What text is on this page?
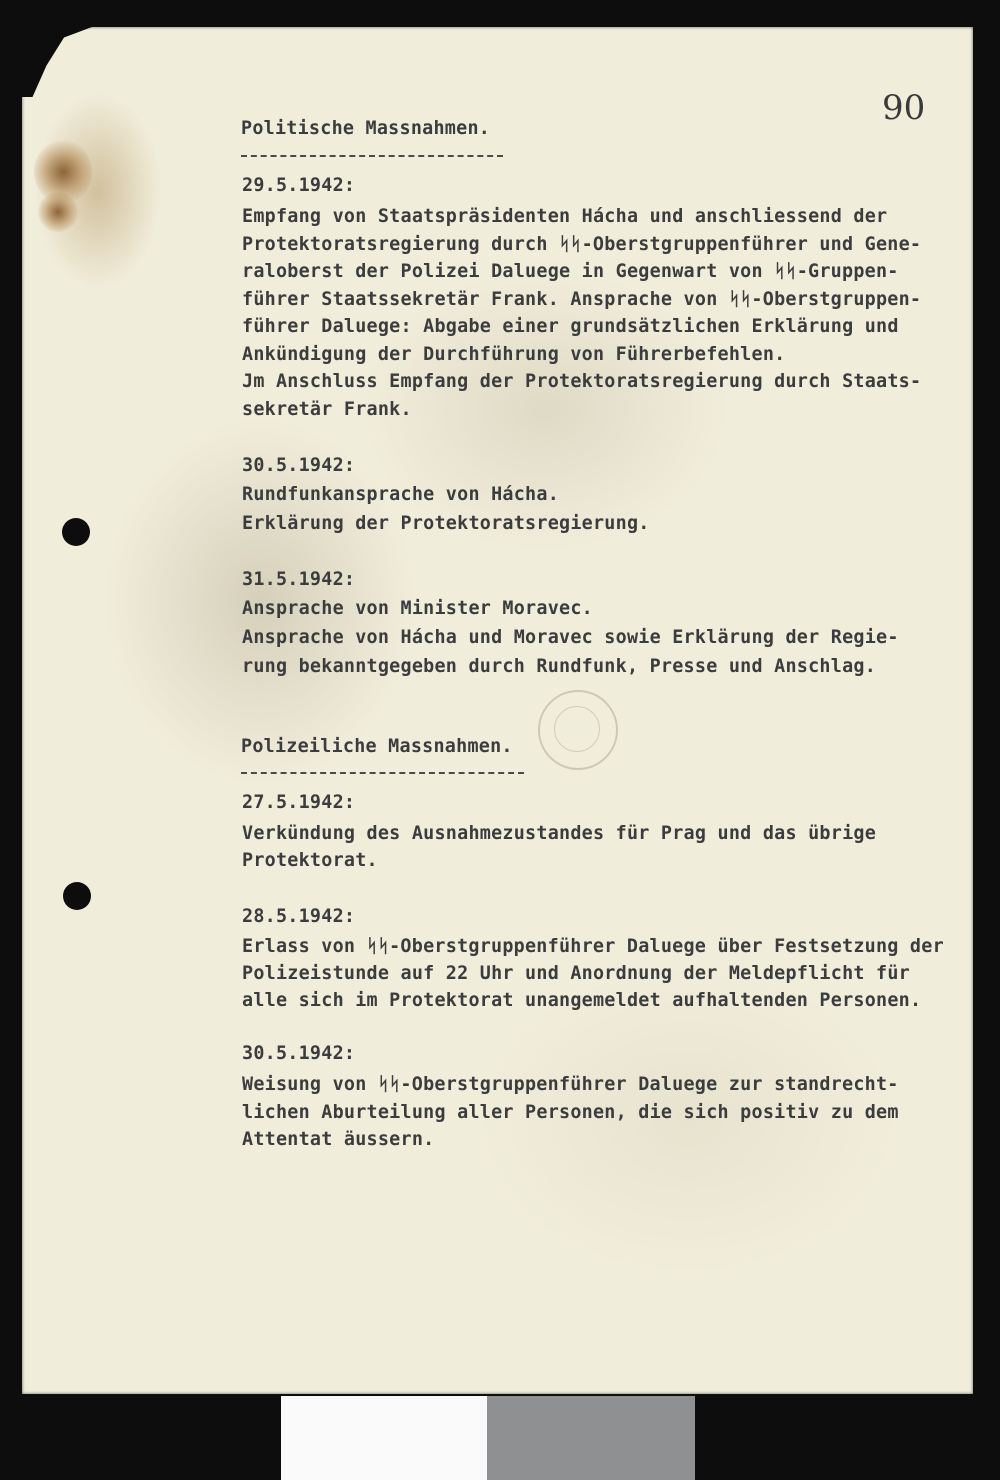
90
Politische Massnahmen.
29.5.1942:
Empfang von Staatspräsidenten Hácha und anschliessend der
Protektoratsregierung durch ᛋᛋ-Oberstgruppenführer und Gene-
raloberst der Polizei Daluege in Gegenwart von ᛋᛋ-Gruppen-
führer Staatssekretär Frank. Ansprache von ᛋᛋ-Oberstgruppen-
führer Daluege: Abgabe einer grundsätzlichen Erklärung und
Ankündigung der Durchführung von Führerbefehlen.
Jm Anschluss Empfang der Protektoratsregierung durch Staats-
sekretär Frank.
30.5.1942:
Rundfunkansprache von Hácha.
Erklärung der Protektoratsregierung.
31.5.1942:
Ansprache von Minister Moravec.
Ansprache von Hácha und Moravec sowie Erklärung der Regie-
rung bekanntgegeben durch Rundfunk, Presse und Anschlag.
Polizeiliche Massnahmen.
27.5.1942:
Verkündung des Ausnahmezustandes für Prag und das übrige
Protektorat.
28.5.1942:
Erlass von ᛋᛋ-Oberstgruppenführer Daluege über Festsetzung der
Polizeistunde auf 22 Uhr und Anordnung der Meldepflicht für
alle sich im Protektorat unangemeldet aufhaltenden Personen.
30.5.1942:
Weisung von ᛋᛋ-Oberstgruppenführer Daluege zur standrecht-
lichen Aburteilung aller Personen, die sich positiv zu dem
Attentat äussern.
